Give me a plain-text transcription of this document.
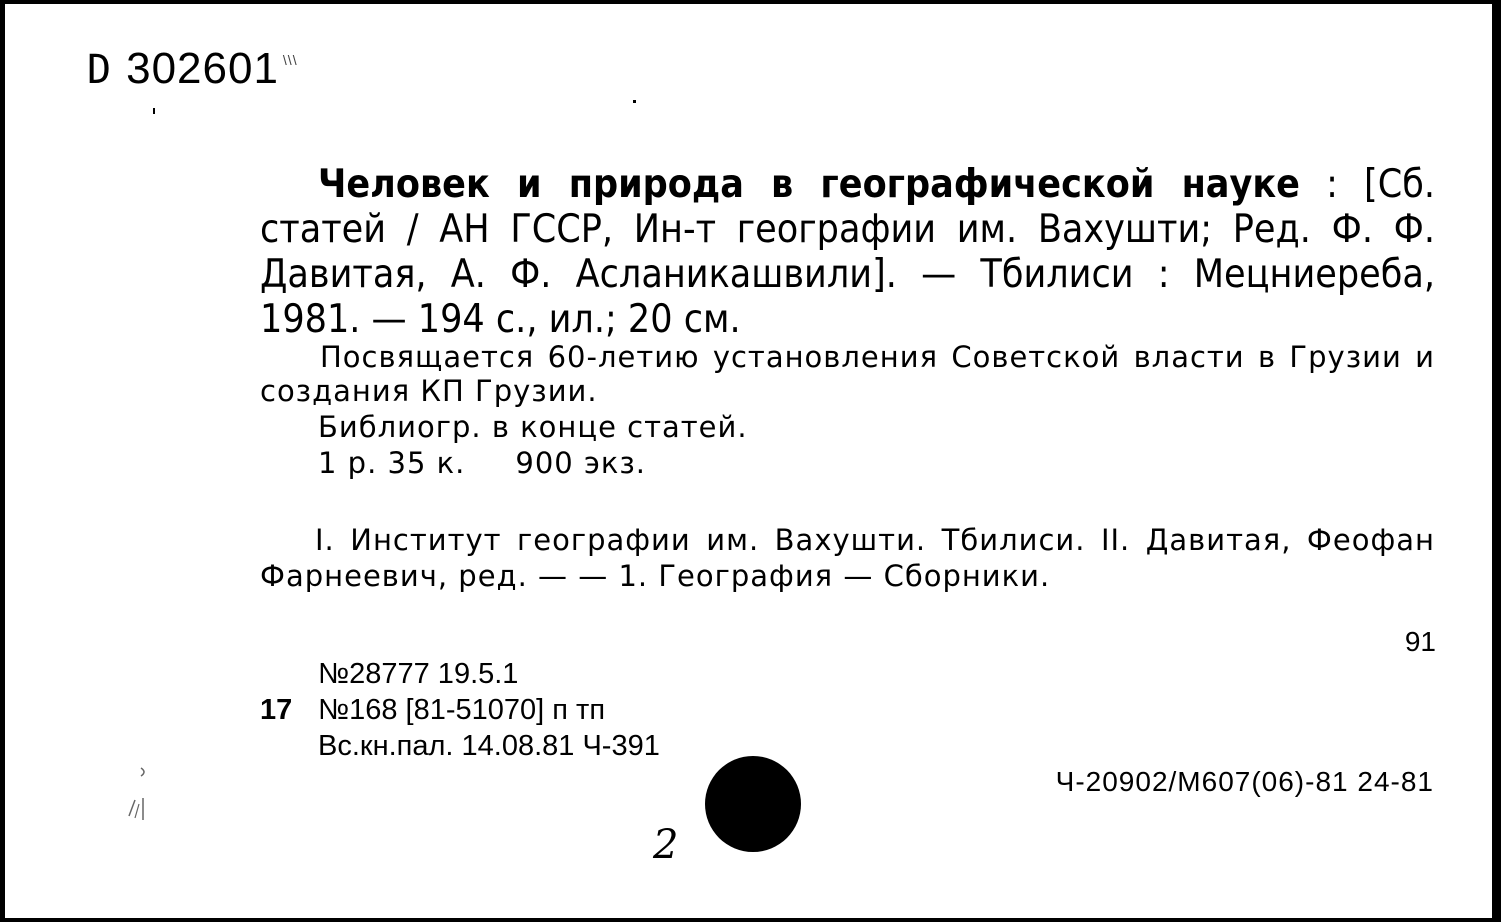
D 302601 \\\
Человек и природа в географической науке : [Сб. статей / АН ГССР, Ин-т географии им. Вахушти; Ред. Ф. Ф. Давитая, А. Ф. Асланикашвили]. — Тбилиси : Мецниереба, 1981. — 194 с., ил.; 20 см.
Посвящается 60-летию установления Советской власти в Грузии и создания КП Грузии.
Библиогр. в конце статей.
1 р. 35 к. 900 экз.
I. Институт географии им. Вахушти. Тбилиси. II. Давитая, Феофан Фарнеевич, ред. — — 1. География — Сборники.
91
№28777 19.5.1
17 №168 [81-51070] п тп
Вс.кн.пал. 14.08.81 Ч-391
Ч-20902/М607(06)-81 24-81
2
